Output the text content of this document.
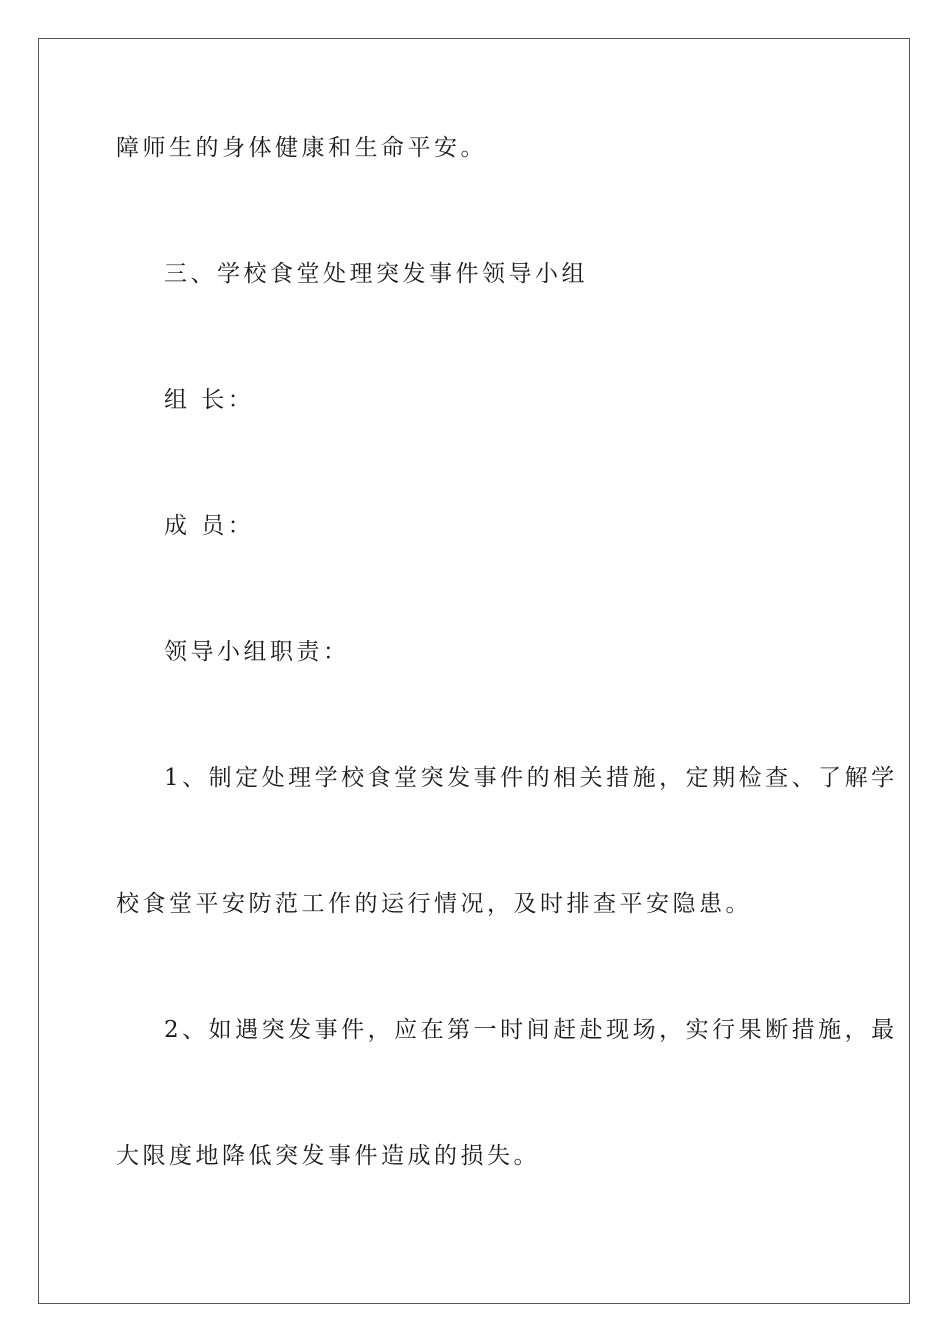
障师生的身体健康和生命平安。
三、学校食堂处理突发事件领导小组
组 长：
成 员：
领导小组职责：
1、制定处理学校食堂突发事件的相关措施，定期检查、了解学
校食堂平安防范工作的运行情况，及时排查平安隐患。
2、如遇突发事件，应在第一时间赶赴现场，实行果断措施，最
大限度地降低突发事件造成的损失。
